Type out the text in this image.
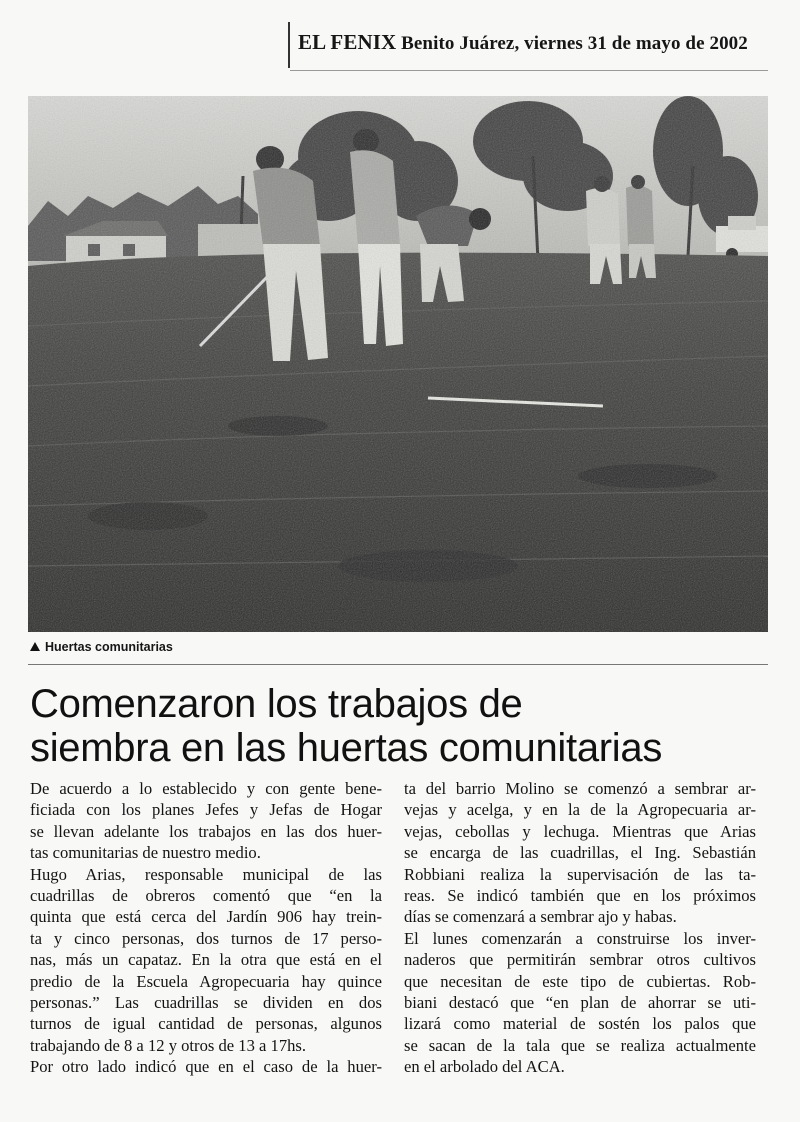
EL FENIX Benito Juárez, viernes 31 de mayo de 2002

Huertas comunitarias
Comenzaron los trabajos de
siembra en las huertas comunitarias
De acuerdo a lo establecido y con gente bene-
ficiada con los planes Jefes y Jefas de Hogar
se llevan adelante los trabajos en las dos huer-
tas comunitarias de nuestro medio.
Hugo Arias, responsable municipal de las
cuadrillas de obreros comentó que “en la
quinta que está cerca del Jardín 906 hay trein-
ta y cinco personas, dos turnos de 17 perso-
nas, más un capataz. En la otra que está en el
predio de la Escuela Agropecuaria hay quince
personas.” Las cuadrillas se dividen en dos
turnos de igual cantidad de personas, algunos
trabajando de 8 a 12 y otros de 13 a 17hs.
Por otro lado indicó que en el caso de la huer-
ta del barrio Molino se comenzó a sembrar ar-
vejas y acelga, y en la de la Agropecuaria ar-
vejas, cebollas y lechuga. Mientras que Arias
se encarga de las cuadrillas, el Ing. Sebastián
Robbiani realiza la supervisación de las ta-
reas. Se indicó también que en los próximos
días se comenzará a sembrar ajo y habas.
El lunes comenzarán a construirse los inver-
naderos que permitirán sembrar otros cultivos
que necesitan de este tipo de cubiertas. Rob-
biani destacó que “en plan de ahorrar se uti-
lizará como material de sostén los palos que
se sacan de la tala que se realiza actualmente
en el arbolado del ACA.
